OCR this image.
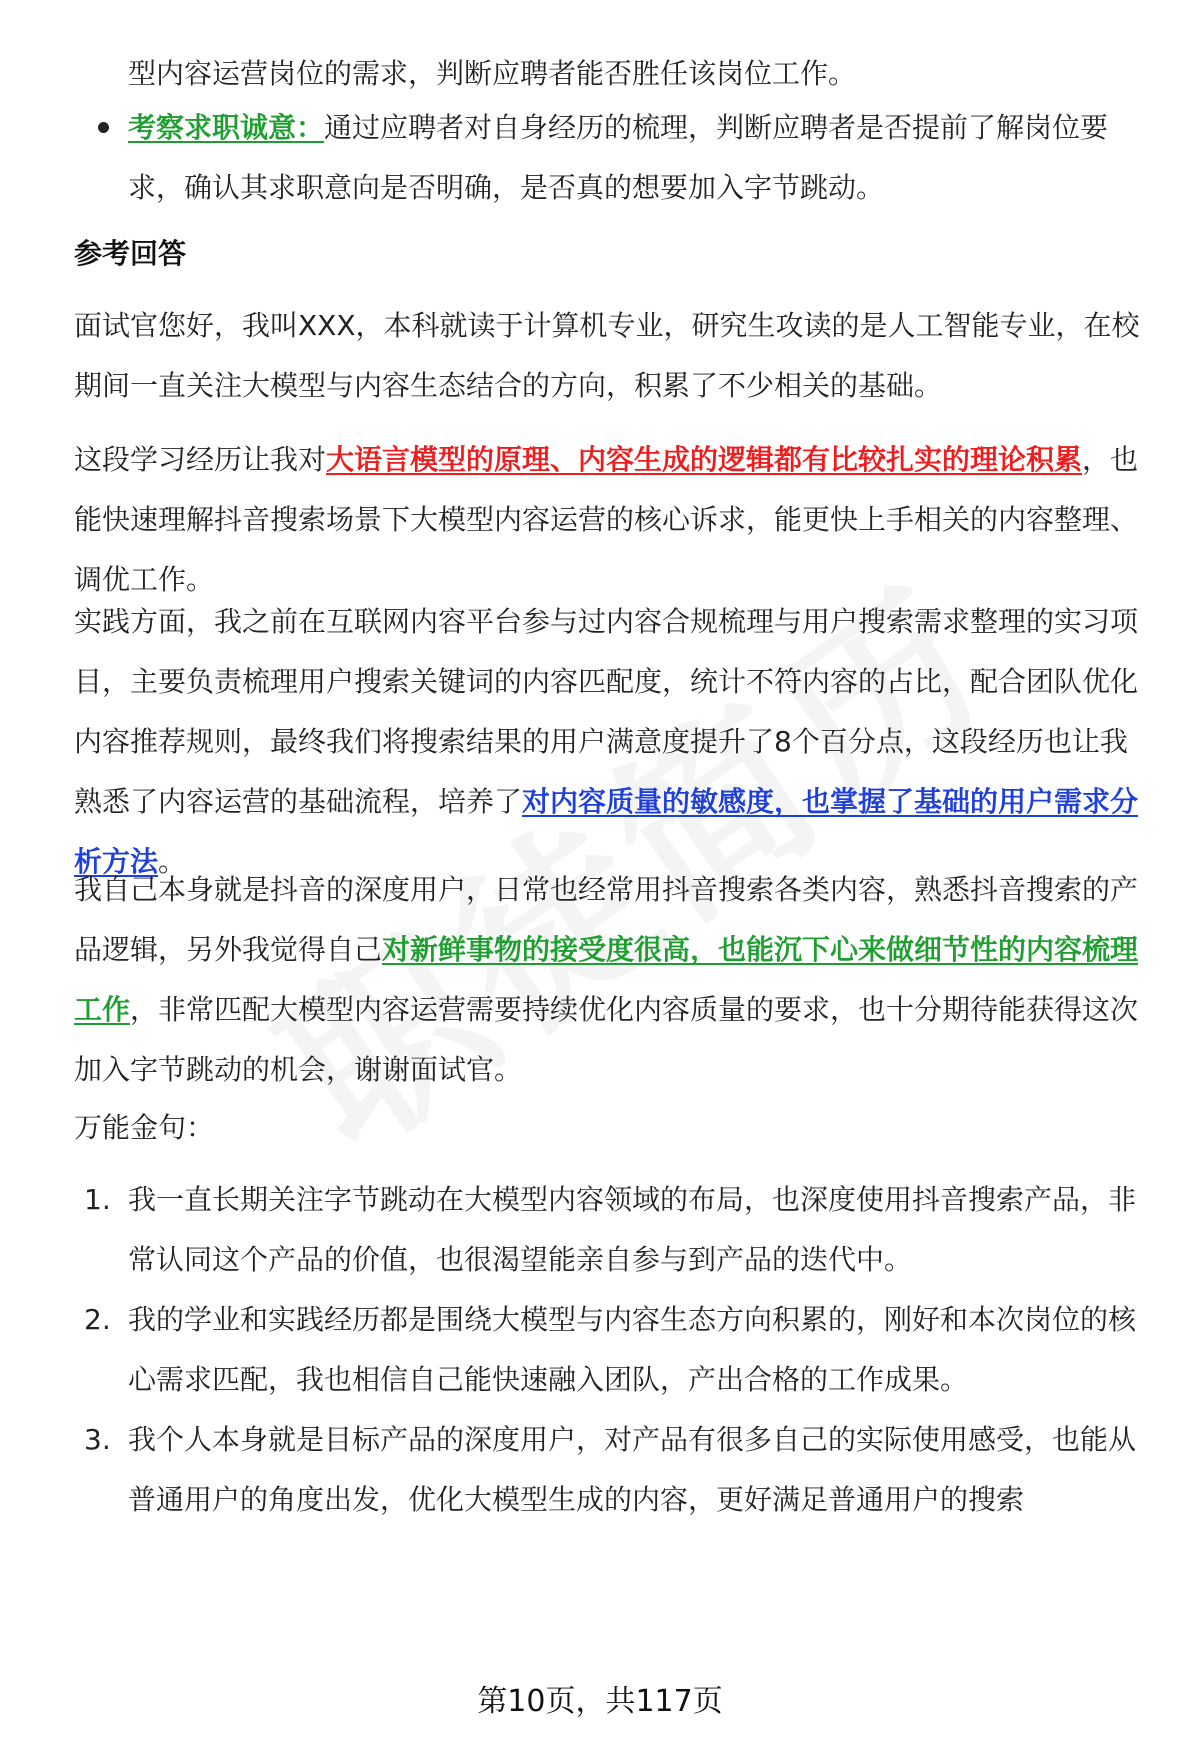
型内容运营岗位的需求，判断应聘者能否胜任该岗位工作。
考察求职诚意：通过应聘者对自身经历的梳理，判断应聘者是否提前了解岗位要求，确认其求职意向是否明确，是否真的想要加入字节跳动。
参考回答
面试官您好，我叫XXX，本科就读于计算机专业，研究生攻读的是人工智能专业，在校期间一直关注大模型与内容生态结合的方向，积累了不少相关的基础。
这段学习经历让我对大语言模型的原理、内容生成的逻辑都有比较扎实的理论积累，也能快速理解抖音搜索场景下大模型内容运营的核心诉求，能更快上手相关的内容整理、调优工作。
实践方面，我之前在互联网内容平台参与过内容合规梳理与用户搜索需求整理的实习项目，主要负责梳理用户搜索关键词的内容匹配度，统计不符内容的占比，配合团队优化内容推荐规则，最终我们将搜索结果的用户满意度提升了8个百分点，这段经历也让我熟悉了内容运营的基础流程，培养了对内容质量的敏感度，也掌握了基础的用户需求分析方法。
我自己本身就是抖音的深度用户，日常也经常用抖音搜索各类内容，熟悉抖音搜索的产品逻辑，另外我觉得自己对新鲜事物的接受度很高，也能沉下心来做细节性的内容梳理工作，非常匹配大模型内容运营需要持续优化内容质量的要求，也十分期待能获得这次加入字节跳动的机会，谢谢面试官。
万能金句：
1. 我一直长期关注字节跳动在大模型内容领域的布局，也深度使用抖音搜索产品，非常认同这个产品的价值，也很渴望能亲自参与到产品的迭代中。
2. 我的学业和实践经历都是围绕大模型与内容生态方向积累的，刚好和本次岗位的核心需求匹配，我也相信自己能快速融入团队，产出合格的工作成果。
3. 我个人本身就是目标产品的深度用户，对产品有很多自己的实际使用感受，也能从普通用户的角度出发，优化大模型生成的内容，更好满足普通用户的搜索
第10页，共117页
